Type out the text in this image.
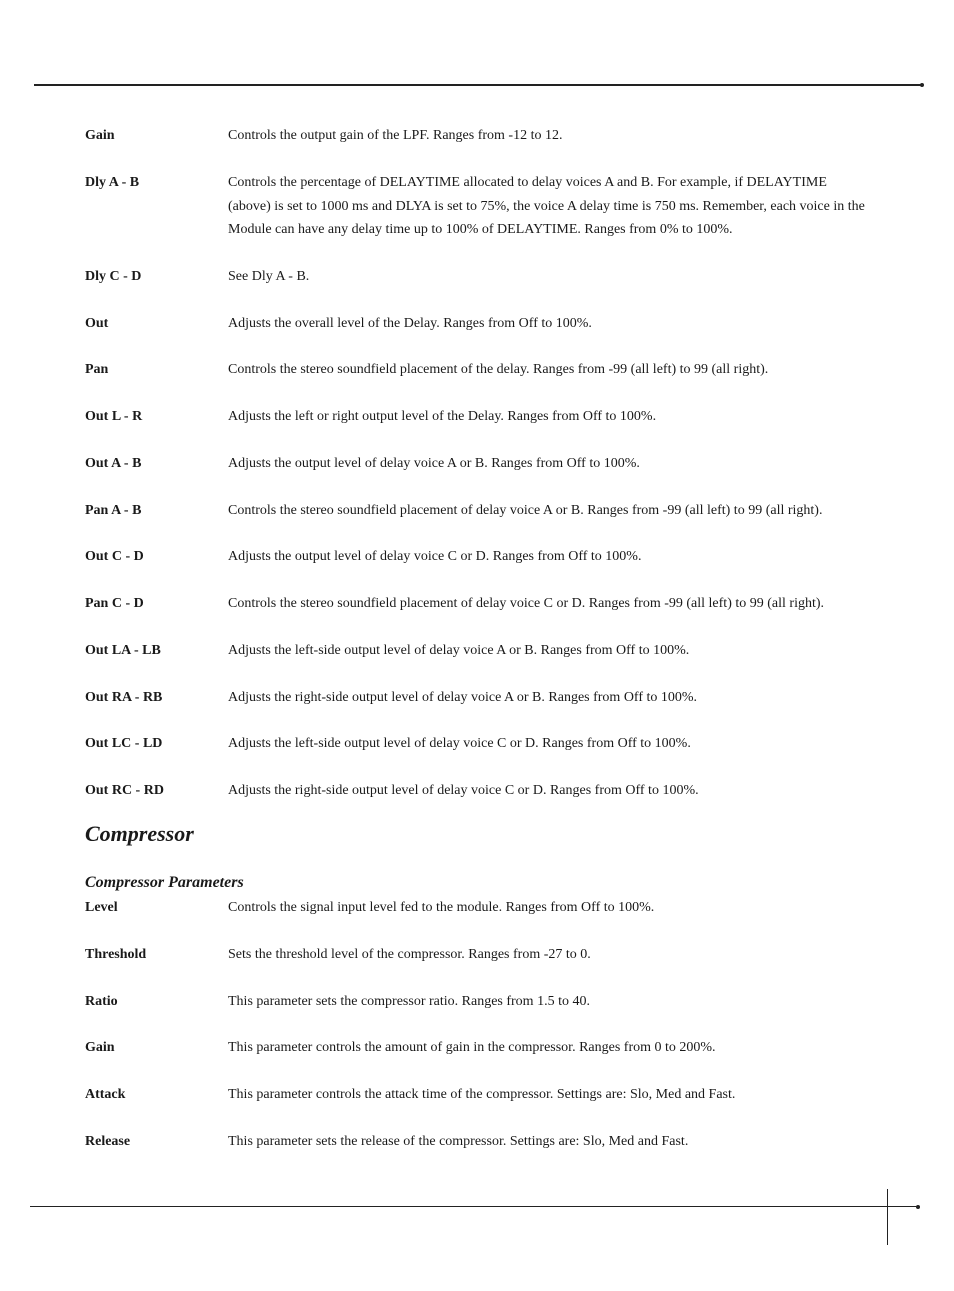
Gain	Controls the output gain of the LPF. Ranges from -12 to 12.
Dly A - B	Controls the percentage of DELAYTIME allocated to delay voices A and B. For example, if DELAYTIME (above) is set to 1000 ms and DLYA is set to 75%, the voice A delay time is 750 ms. Remember, each voice in the Module can have any delay time up to 100% of DELAYTIME. Ranges from 0% to 100%.
Dly C - D	See Dly A - B.
Out	Adjusts the overall level of the Delay. Ranges from Off to 100%.
Pan	Controls the stereo soundfield placement of the delay. Ranges from -99 (all left) to 99 (all right).
Out L - R	Adjusts the left or right output level of the Delay. Ranges from Off to 100%.
Out A - B	Adjusts the output level of delay voice A or B. Ranges from Off to 100%.
Pan A - B	Controls the stereo soundfield placement of delay voice A or B. Ranges from -99 (all left) to 99 (all right).
Out C - D	Adjusts the output level of delay voice C or D. Ranges from Off to 100%.
Pan C - D	Controls the stereo soundfield placement of delay voice C or D. Ranges from -99 (all left) to 99 (all right).
Out LA - LB	Adjusts the left-side output level of delay voice A or B. Ranges from Off to 100%.
Out RA - RB	Adjusts the right-side output level of delay voice A or B. Ranges from Off to 100%.
Out LC - LD	Adjusts the left-side output level of delay voice C or D. Ranges from Off to 100%.
Out RC - RD	Adjusts the right-side output level of delay voice C or D. Ranges from Off to 100%.
Compressor
Compressor Parameters
Level	Controls the signal input level fed to the module. Ranges from Off to 100%.
Threshold	Sets the threshold level of the compressor. Ranges from -27 to 0.
Ratio	This parameter sets the compressor ratio. Ranges from 1.5 to 40.
Gain	This parameter controls the amount of gain in the compressor. Ranges from 0 to 200%.
Attack	This parameter controls the attack time of the compressor. Settings are: Slo, Med and Fast.
Release	This parameter sets the release of the compressor. Settings are: Slo, Med and Fast.
